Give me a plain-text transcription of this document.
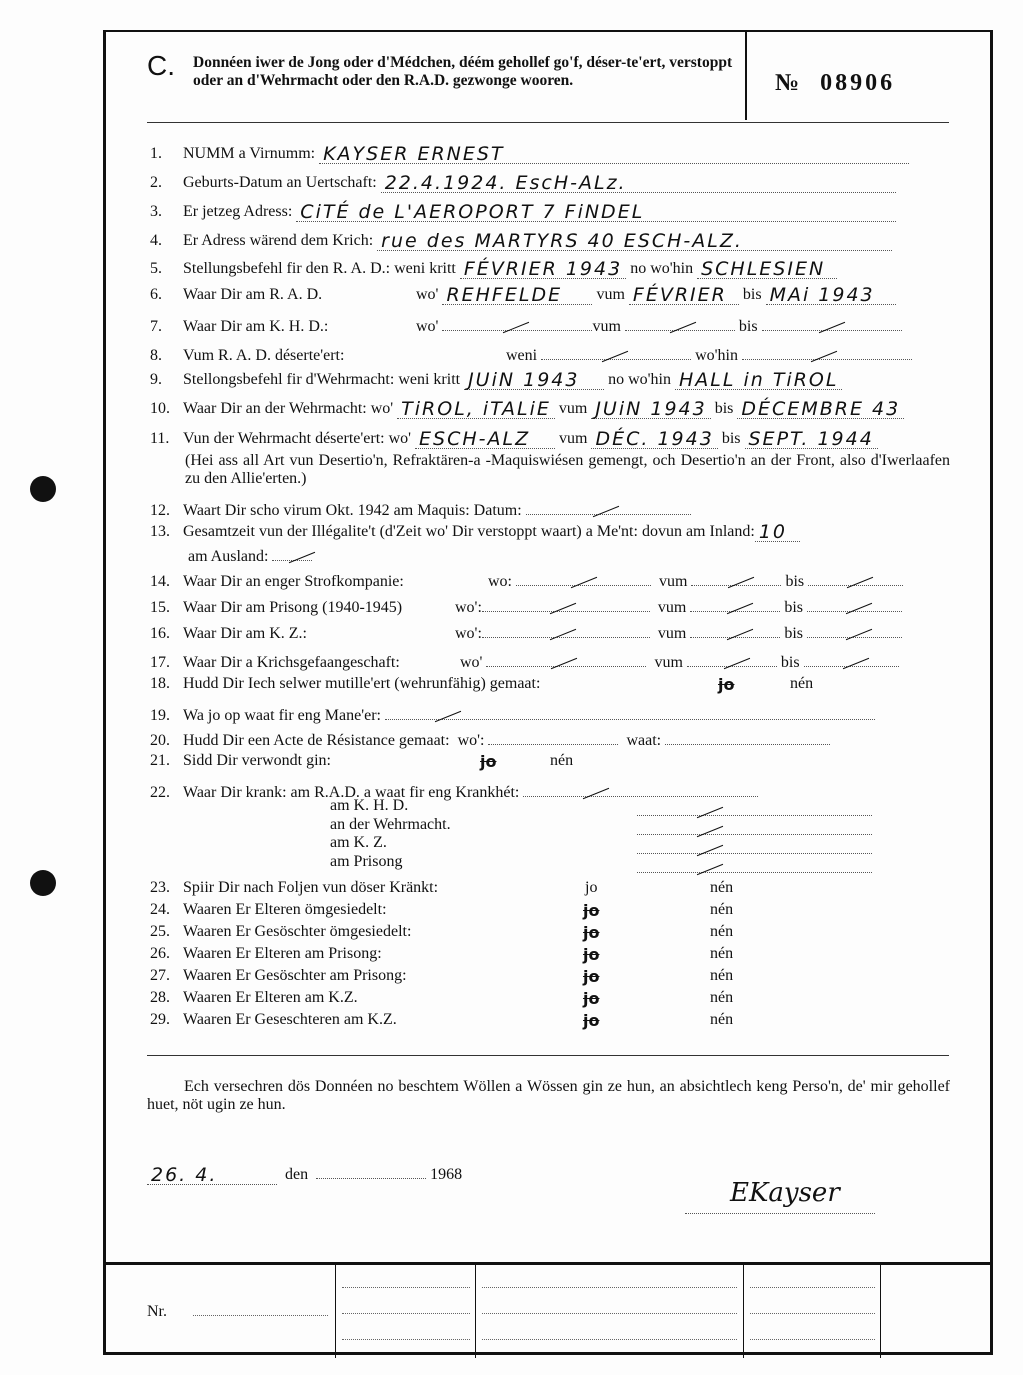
C. Donnéen iwer de Jong oder d'Médchen, déém gehollef go'f, déser-te'ert, verstoppt oder an d'Wehrmacht oder den R.A.D. gezwonge wooren.	№ 08906
1. NUMM a Virnumm: KAYSER ERNEST
2. Geburts-Datum an Uertschaft: 22.4.1924. EscH-ALz.
3. Er jetzeg Adress: CiTÉ de L'AEROPORT 7 FiNDEL
4. Er Adress wärend dem Krich: rue des MARTYRS 40 ESCH-ALZ.
5. Stellungsbefehl fir den R. A. D.: weni kritt FÉVRIER 1943 no wo'hin SCHLESIEN
6. Waar Dir am R. A. D.	wo' REHFELDE vum FÉVRIER bis MAi 1943
7. Waar Dir am K. H. D.:	wo'	vum	bis
8. Vum R. A. D. déserte'ert:	weni	wo'hin
9. Stellongsbefehl fir d'Wehrmacht: weni kritt JUiN 1943 no wo'hin HALL in TiROL
10. Waar Dir an der Wehrmacht: wo' TiROL, iTALiE vum JUiN 1943 bis DÉCEMBRE 43
11. Vun der Wehrmacht déserte'ert: wo' ESCH-ALZ vum DÉC. 1943 bis SEPT. 1944
(Hei ass all Art vun Desertio'n, Refraktären-a -Maquiswiésen gemengt, och Desertio'n an der Front, also d'Iwerlaafen zu den Allie'erten.)
12. Waart Dir scho virum Okt. 1942 am Maquis: Datum:
13. Gesamtzeit vun der Illégalite't (d'Zeit wo' Dir verstoppt waart) a Me'nt: dovun am Inland: 10
am Ausland:
14. Waar Dir an enger Strofkompanie:	wo:	vum	bis
15. Waar Dir am Prisong (1940-1945)	wo':	vum	bis
16. Waar Dir am K. Z.:	wo':	vum	bis
17. Waar Dir a Krichsgefaangeschaft:	wo'	vum	bis
18. Hudd Dir Iech selwer mutille'ert (wehrunfähig) gemaat:	jo	nén
19. Wa jo op waat fir eng Mane'er:
20. Hudd Dir een Acte de Résistance gemaat: wo':	waat:
21. Sidd Dir verwondt gin:	jo	nén
22. Waar Dir krank: am R.A.D. a waat fir eng Krankhét:
am K. H. D.
an der Wehrmacht.
am K. Z.
am Prisong
23. Spiir Dir nach Foljen vun döser Kränkt:	jo	nén
24. Waaren Er Elteren ömgesiedelt:	jo	nén
25. Waaren Er Gesöschter ömgesiedelt:	jo	nén
26. Waaren Er Elteren am Prisong:	jo	nén
27. Waaren Er Gesöschter am Prisong:	jo	nén
28. Waaren Er Elteren am K.Z.	jo	nén
29. Waaren Er Geseschteren am K.Z.	jo	nén
Ech versechren dös Donnéen no beschtem Wöllen a Wössen gin ze hun, an absichtlech keng Perso'n, de' mir gehollef huet, nöt ugin ze hun.
26. 4.	den	1968
EKayser
Nr.
